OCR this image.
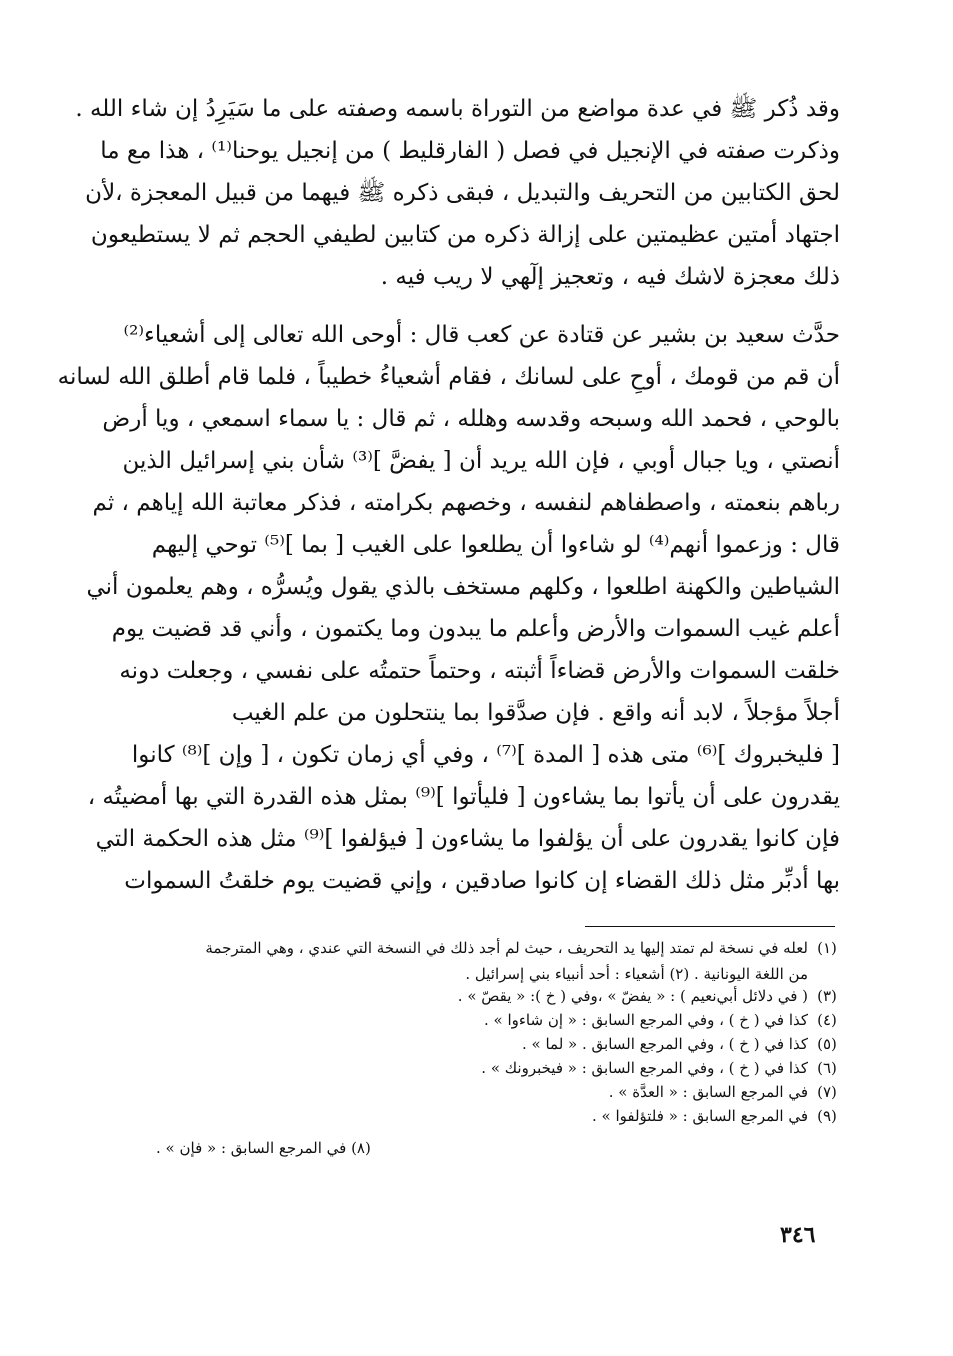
وقد ذُكر ﷺ في عدة مواضع من التوراة باسمه وصفته على ما سَيَرِدُ إن شاء الله .
وذكرت صفته في الإنجيل في فصل ( الفارقليط ) من إنجيل يوحنا⁽¹⁾ ، هذا مع ما
لحق الكتابين من التحريف والتبديل ، فبقى ذكره ﷺ فيهما من قبيل المعجزة ،لأن
اجتهاد أمتين عظيمتين على إزالة ذكره من كتابين لطيفي الحجم ثم لا يستطيعون
ذلك معجزة لاشك فيه ، وتعجيز إلٓهي لا ريب فيه .
حدَّث سعيد بن بشير عن قتادة عن كعب قال : أوحى الله تعالى إلى أشعياء⁽²⁾
أن قم من قومك ، أوحِ على لسانك ، فقام أشعياءُ خطيباً ، فلما قام أطلق الله لسانه
بالوحي ، فحمد الله وسبحه وقدسه وهلله ، ثم قال : يا سماء اسمعي ، ويا أرض
أنصتي ، ويا جبال أوبي ، فإن الله يريد أن [ يفضَّ ]⁽³⁾ شأن بني إسرائيل الذين
رباهم بنعمته ، واصطفاهم لنفسه ، وخصهم بكرامته ، فذكر معاتبة الله إياهم ، ثم
قال : وزعموا أنهم⁽⁴⁾ لو شاءوا أن يطلعوا على الغيب [ بما ]⁽⁵⁾ توحي إليهم
الشياطين والكهنة اطلعوا ، وكلهم مستخف بالذي يقول ويُسرُّه ، وهم يعلمون أني
أعلم غيب السموات والأرض وأعلم ما يبدون وما يكتمون ، وأني قد قضيت يوم
خلقت السموات والأرض قضاءاً أثبته ، وحتماً حتمتُه على نفسي ، وجعلت دونه
أجلاً مؤجلاً ، لابد أنه واقع . فإن صدَّقوا بما ينتحلون من علم الغيب
[ فليخبروك ]⁽⁶⁾ متى هذه [ المدة ]⁽⁷⁾ ، وفي أي زمان تكون ، [ وإن ]⁽⁸⁾ كانوا
يقدرون على أن يأتوا بما يشاءون [ فليأتوا ]⁽⁹⁾ بمثل هذه القدرة التي بها أمضيتُه ،
فإن كانوا يقدرون على أن يؤلفوا ما يشاءون [ فيؤلفوا ]⁽⁹⁾ مثل هذه الحكمة التي
بها أدبِّر مثل ذلك القضاء إن كانوا صادقين ، وإني قضيت يوم خلقتُ السموات
(١)
لعله في نسخة لم تمتد إليها يد التحريف ، حيث لم أجد ذلك في النسخة التي عندي ، وهي المترجمة
من اللغة اليونانية . (٢) أشعياء : أحد أنبياء بني إسرائيل .
(٣)
( في دلائل أبي‌نعيم ) : « يفضّ » ،وفي ( خ ): « يقصّ » .
(٤)
كذا في ( خ ) ، وفي المرجع السابق : « إن شاءوا » .
(٥)
كذا في ( خ ) ، وفي المرجع السابق . « لما » .
(٦)
كذا في ( خ ) ، وفي المرجع السابق : « فيخبرونك » .
(٧)
في المرجع السابق : « العدَّة » .
(٩)
في المرجع السابق : « فلتؤلفوا » .
(٨) في المرجع السابق : « فإن » .
٣٤٦
